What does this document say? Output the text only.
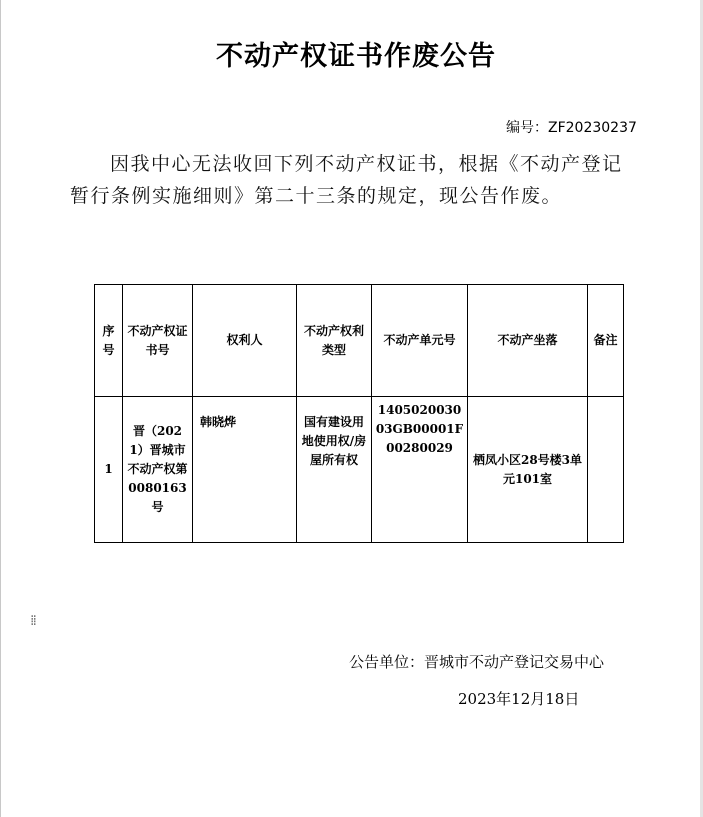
不动产权证书作废公告
编号：ZF20230237
因我中心无法收回下列不动产权证书，根据《不动产登记
暂行条例实施细则》第二十三条的规定，现公告作废。
序号	不动产权证书号	权利人	不动产权利类型	不动产单元号	不动产坐落	备注
1	晋（2021）晋城市不动产权第0080163号	韩晓烨	国有建设用地使用权/房屋所有权	140502003003GB00001F00280029	栖凤小区28号楼3单元101室	
⁞⁞
公告单位：晋城市不动产登记交易中心
2023年12月18日
